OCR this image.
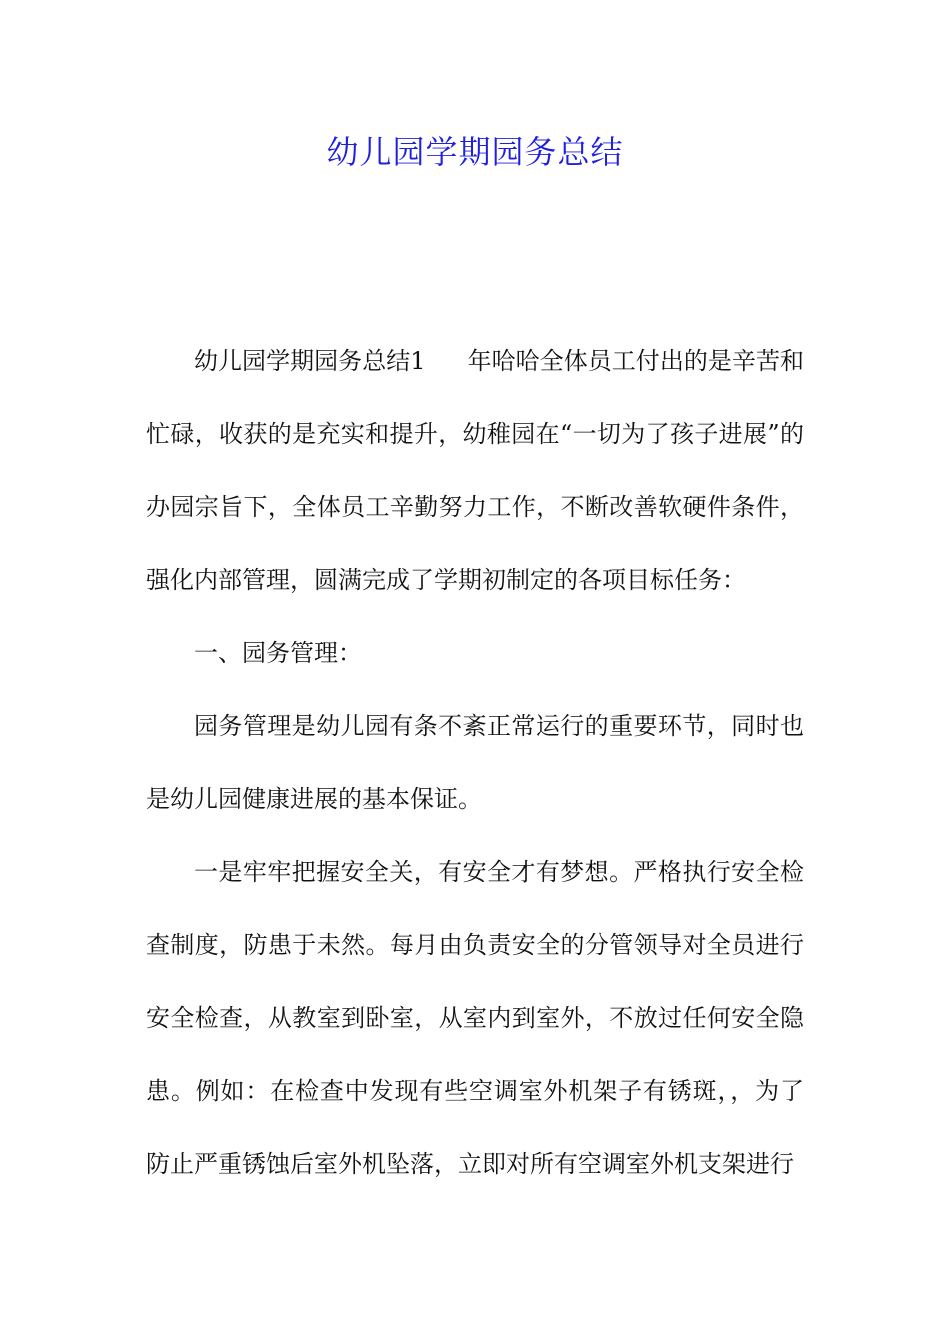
幼儿园学期园务总结

幼儿园学期园务总结1 年哈哈全体员工付出的是辛苦和忙碌，收获的是充实和提升，幼稚园在“一切为了孩子进展”的办园宗旨下，全体员工辛勤努力工作，不断改善软硬件条件，强化内部管理，圆满完成了学期初制定的各项目标任务：

一、园务管理：

园务管理是幼儿园有条不紊正常运行的重要环节，同时也是幼儿园健康进展的基本保证。

一是牢牢把握安全关，有安全才有梦想。严格执行安全检查制度，防患于未然。每月由负责安全的分管领导对全员进行安全检查，从教室到卧室，从室内到室外，不放过任何安全隐患。例如：在检查中发现有些空调室外机架子有锈斑，，为了防止严重锈蚀后室外机坠落，立即对所有空调室外机支架进行
